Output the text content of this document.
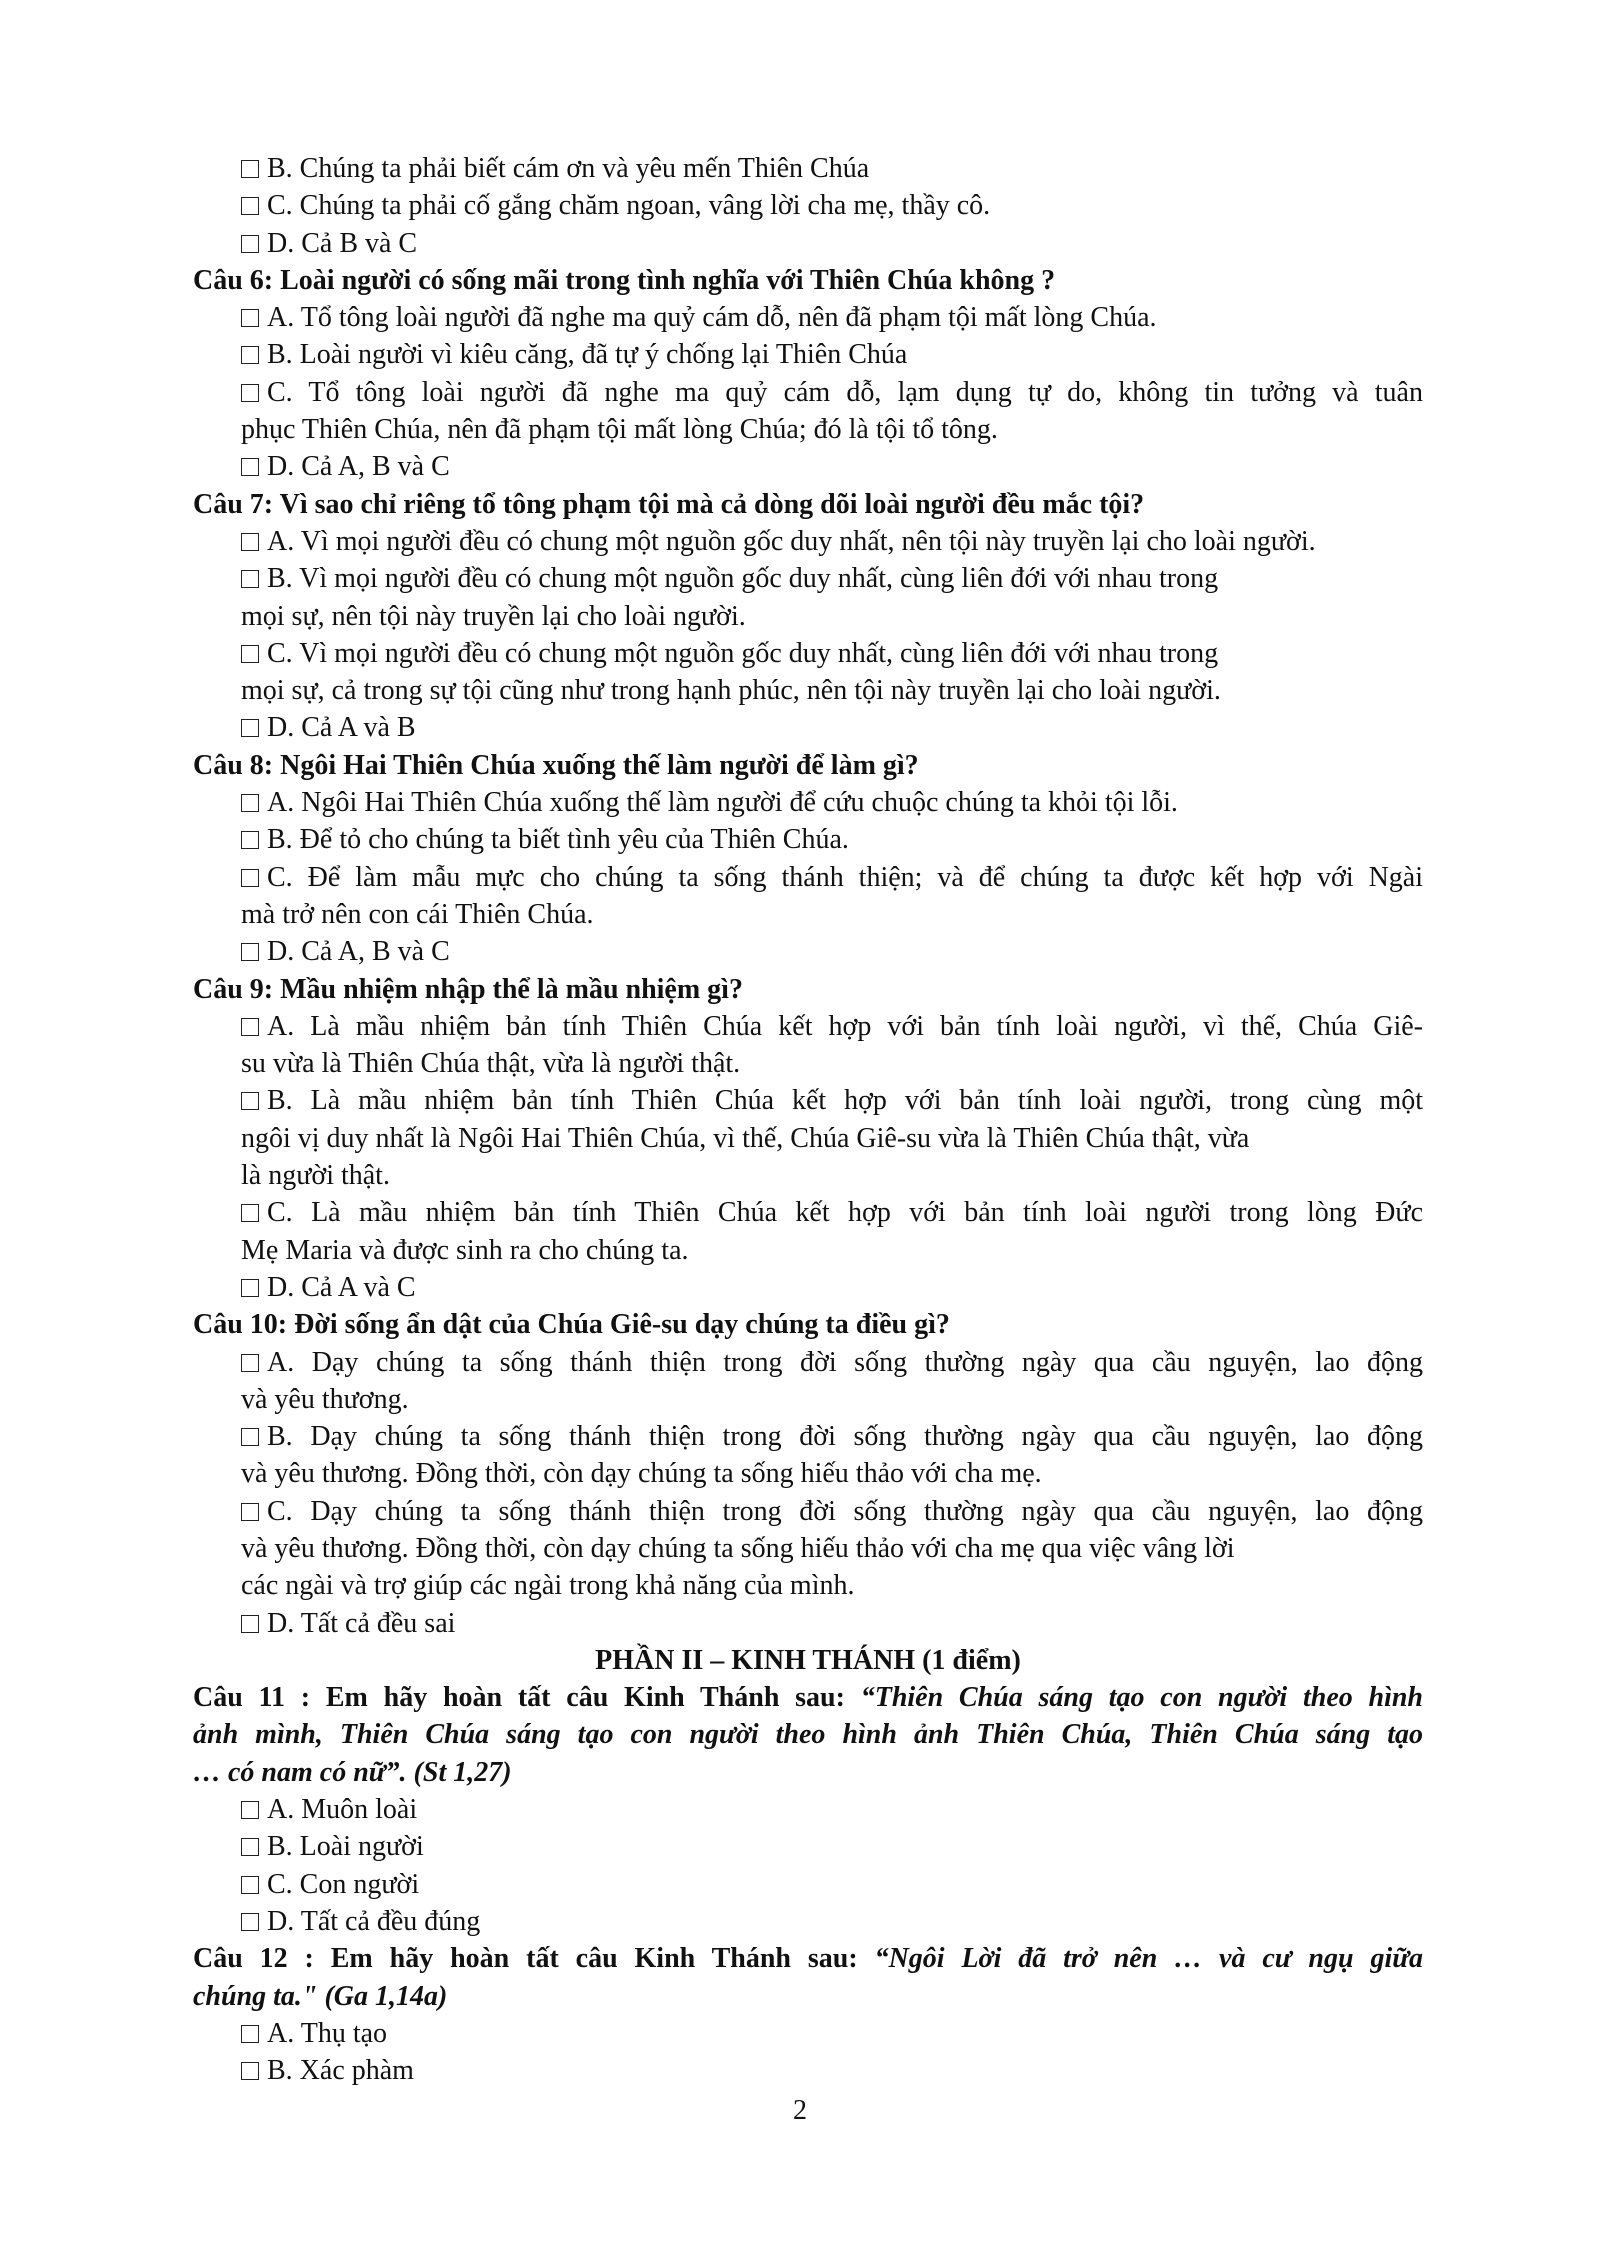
B. Chúng ta phải biết cám ơn và yêu mến Thiên Chúa
C. Chúng ta phải cố gắng chăm ngoan, vâng lời cha mẹ, thầy cô.
D. Cả B và C
Câu 6: Loài người có sống mãi trong tình nghĩa với Thiên Chúa không ?
A. Tổ tông loài người đã nghe ma quỷ cám dỗ, nên đã phạm tội mất lòng Chúa.
B. Loài người vì kiêu căng, đã tự ý chống lại Thiên Chúa
C. Tổ tông loài người đã nghe ma quỷ cám dỗ, lạm dụng tự do, không tin tưởng và tuân
phục Thiên Chúa, nên đã phạm tội mất lòng Chúa; đó là tội tổ tông.
D. Cả A, B và C
Câu 7: Vì sao chỉ riêng tổ tông phạm tội mà cả dòng dõi loài người đều mắc tội?
A. Vì mọi người đều có chung một nguồn gốc duy nhất, nên tội này truyền lại cho loài người.
B. Vì mọi người đều có chung một nguồn gốc duy nhất, cùng liên đới với nhau trong
mọi sự, nên tội này truyền lại cho loài người.
C. Vì mọi người đều có chung một nguồn gốc duy nhất, cùng liên đới với nhau trong
mọi sự, cả trong sự tội cũng như trong hạnh phúc, nên tội này truyền lại cho loài người.
D. Cả A và B
Câu 8: Ngôi Hai Thiên Chúa xuống thế làm người để làm gì?
A. Ngôi Hai Thiên Chúa xuống thế làm người để cứu chuộc chúng ta khỏi tội lỗi.
B. Để tỏ cho chúng ta biết tình yêu của Thiên Chúa.
C. Để làm mẫu mực cho chúng ta sống thánh thiện; và để chúng ta được kết hợp với Ngài
mà trở nên con cái Thiên Chúa.
D. Cả A, B và C
Câu 9: Mầu nhiệm nhập thể là mầu nhiệm gì?
A. Là mầu nhiệm bản tính Thiên Chúa kết hợp với bản tính loài người, vì thế, Chúa Giê-
su vừa là Thiên Chúa thật, vừa là người thật.
B. Là mầu nhiệm bản tính Thiên Chúa kết hợp với bản tính loài người, trong cùng một
ngôi vị duy nhất là Ngôi Hai Thiên Chúa, vì thế, Chúa Giê-su vừa là Thiên Chúa thật, vừa
là người thật.
C. Là mầu nhiệm bản tính Thiên Chúa kết hợp với bản tính loài người trong lòng Đức
Mẹ Maria và được sinh ra cho chúng ta.
D. Cả A và C
Câu 10: Đời sống ẩn dật của Chúa Giê-su dạy chúng ta điều gì?
A. Dạy chúng ta sống thánh thiện trong đời sống thường ngày qua cầu nguyện, lao động
và yêu thương.
B. Dạy chúng ta sống thánh thiện trong đời sống thường ngày qua cầu nguyện, lao động
và yêu thương. Đồng thời, còn dạy chúng ta sống hiếu thảo với cha mẹ.
C. Dạy chúng ta sống thánh thiện trong đời sống thường ngày qua cầu nguyện, lao động
và yêu thương. Đồng thời, còn dạy chúng ta sống hiếu thảo với cha mẹ qua việc vâng lời
các ngài và trợ giúp các ngài trong khả năng của mình.
D. Tất cả đều sai
PHẦN II – KINH THÁNH (1 điểm)
Câu 11 : Em hãy hoàn tất câu Kinh Thánh sau: “Thiên Chúa sáng tạo con người theo hình
ảnh mình, Thiên Chúa sáng tạo con người theo hình ảnh Thiên Chúa, Thiên Chúa sáng tạo
… có nam có nữ”. (St 1,27)
A. Muôn loài
B. Loài người
C. Con người
D. Tất cả đều đúng
Câu 12 : Em hãy hoàn tất câu Kinh Thánh sau: “Ngôi Lời đã trở nên … và cư ngụ giữa
chúng ta." (Ga 1,14a)
A. Thụ tạo
B. Xác phàm
2
